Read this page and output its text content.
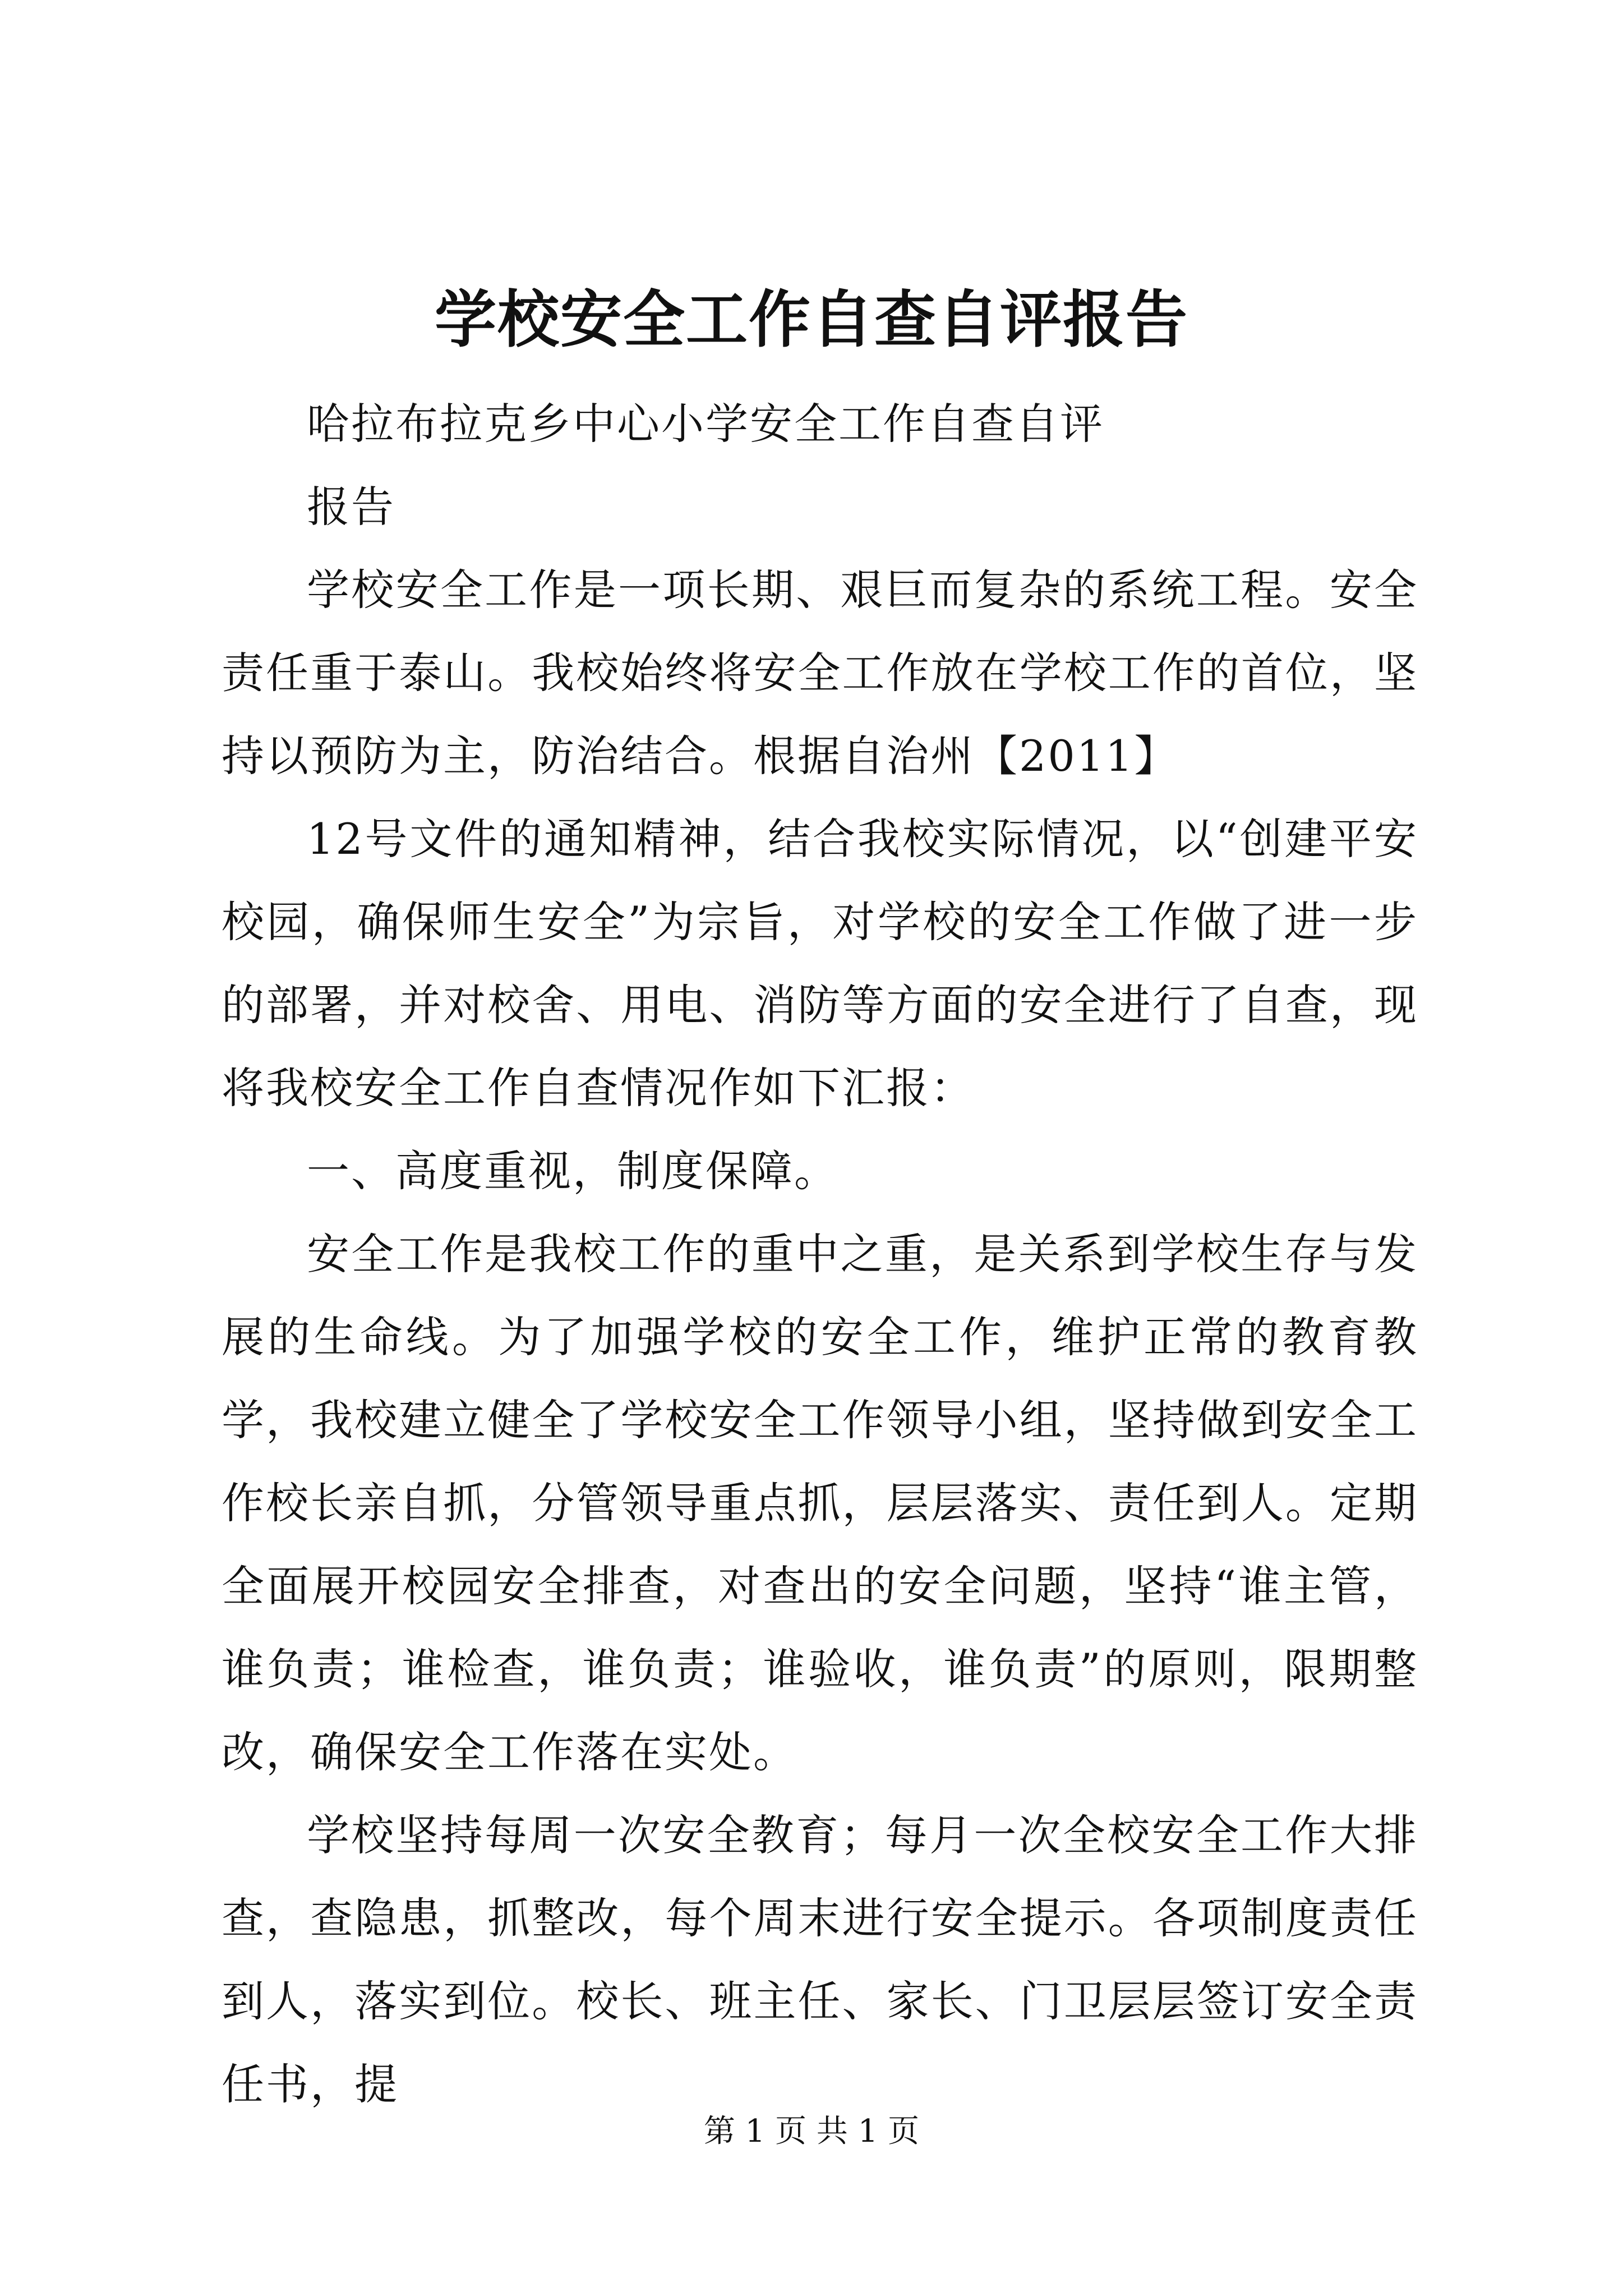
学校安全工作自查自评报告

哈拉布拉克乡中心小学安全工作自查自评

报告

学校安全工作是一项长期、艰巨而复杂的系统工程。安全责任重于泰山。我校始终将安全工作放在学校工作的首位，坚持以预防为主，防治结合。根据自治州【2011】

12号文件的通知精神，结合我校实际情况，以“创建平安校园，确保师生安全”为宗旨，对学校的安全工作做了进一步的部署，并对校舍、用电、消防等方面的安全进行了自查，现将我校安全工作自查情况作如下汇报：

一、高度重视，制度保障。

安全工作是我校工作的重中之重，是关系到学校生存与发展的生命线。为了加强学校的安全工作，维护正常的教育教学，我校建立健全了学校安全工作领导小组，坚持做到安全工作校长亲自抓，分管领导重点抓，层层落实、责任到人。定期全面展开校园安全排查，对查出的安全问题，坚持“谁主管，谁负责；谁检查，谁负责；谁验收，谁负责”的原则，限期整改，确保安全工作落在实处。

学校坚持每周一次安全教育；每月一次全校安全工作大排查，查隐患，抓整改，每个周末进行安全提示。各项制度责任到人，落实到位。校长、班主任、家长、门卫层层签订安全责任书，提

第 1 页 共 1 页
